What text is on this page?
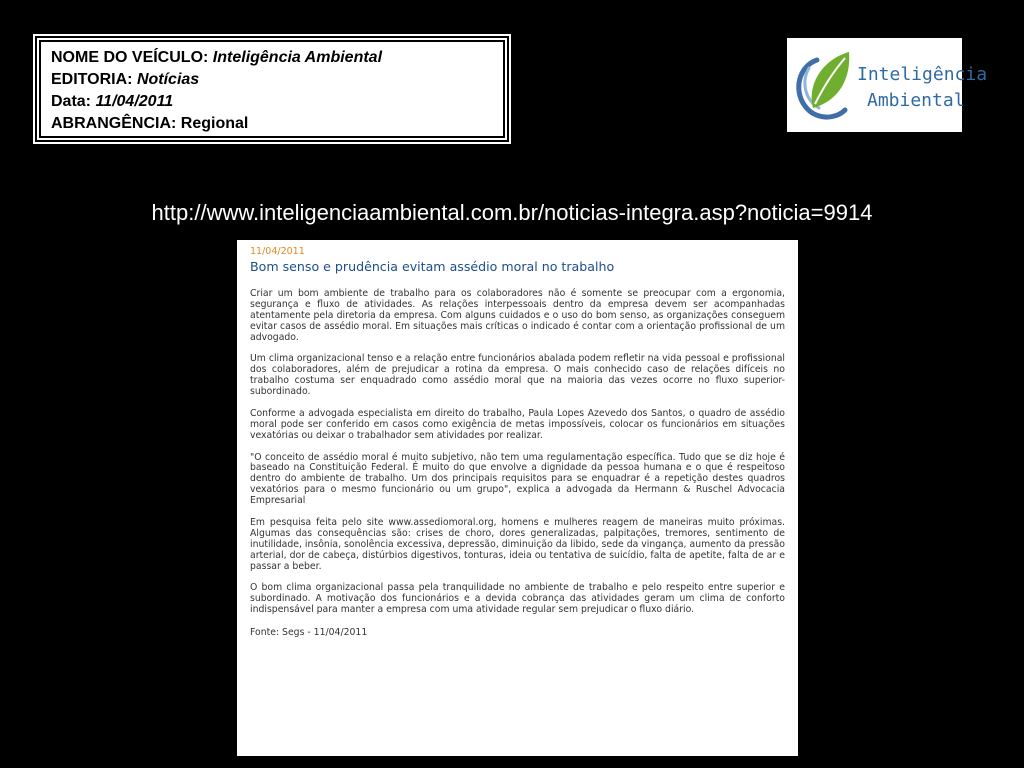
NOME DO VEÍCULO: Inteligência Ambiental
EDITORIA: Notícias
Data: 11/04/2011
ABRANGÊNCIA: Regional
Inteligência
Ambiental
http://www.inteligenciaambiental.com.br/noticias-integra.asp?noticia=9914
11/04/2011
Bom senso e prudência evitam assédio moral no trabalho

Criar um bom ambiente de trabalho para os colaboradores não é somente se preocupar com a ergonomia, segurança e fluxo de atividades. As relações interpessoais dentro da empresa devem ser acompanhadas atentamente pela diretoria da empresa. Com alguns cuidados e o uso do bom senso, as organizações conseguem evitar casos de assédio moral. Em situações mais críticas o indicado é contar com a orientação profissional de um advogado.

Um clima organizacional tenso e a relação entre funcionários abalada podem refletir na vida pessoal e profissional dos colaboradores, além de prejudicar a rotina da empresa. O mais conhecido caso de relações difíceis no trabalho costuma ser enquadrado como assédio moral que na maioria das vezes ocorre no fluxo superior-subordinado.

Conforme a advogada especialista em direito do trabalho, Paula Lopes Azevedo dos Santos, o quadro de assédio moral pode ser conferido em casos como exigência de metas impossíveis, colocar os funcionários em situações vexatórias ou deixar o trabalhador sem atividades por realizar.

"O conceito de assédio moral é muito subjetivo, não tem uma regulamentação específica. Tudo que se diz hoje é baseado na Constituição Federal. É muito do que envolve a dignidade da pessoa humana e o que é respeitoso dentro do ambiente de trabalho. Um dos principais requisitos para se enquadrar é a repetição destes quadros vexatórios para o mesmo funcionário ou um grupo", explica a advogada da Hermann & Ruschel Advocacia Empresarial

Em pesquisa feita pelo site www.assediomoral.org, homens e mulheres reagem de maneiras muito próximas. Algumas das consequências são: crises de choro, dores generalizadas, palpitações, tremores, sentimento de inutilidade, insônia, sonolência excessiva, depressão, diminuição da libido, sede da vingança, aumento da pressão arterial, dor de cabeça, distúrbios digestivos, tonturas, ideia ou tentativa de suicídio, falta de apetite, falta de ar e passar a beber.

O bom clima organizacional passa pela tranquilidade no ambiente de trabalho e pelo respeito entre superior e subordinado. A motivação dos funcionários e a devida cobrança das atividades geram um clima de conforto indispensável para manter a empresa com uma atividade regular sem prejudicar o fluxo diário.

Fonte: Segs - 11/04/2011
